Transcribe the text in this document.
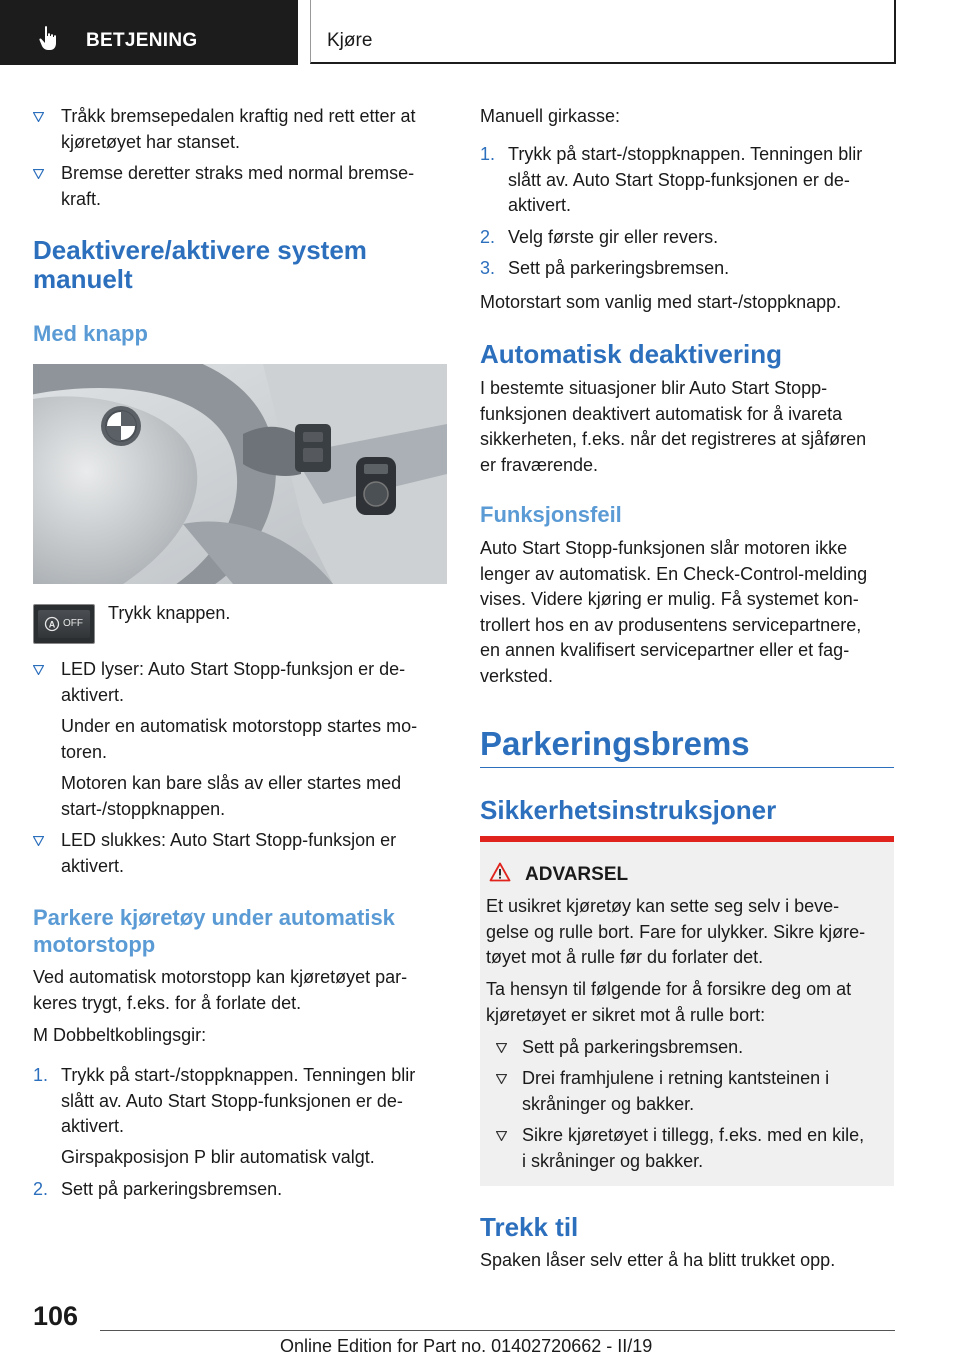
BETJENING	Kjøre
Tråkk bremsepedalen kraftig ned rett etter at
kjøretøyet har stanset.
Bremse deretter straks med normal bremse-
kraft.
Deaktivere/aktivere system
manuelt
Med knapp
A OFF
Trykk knappen.
LED lyser: Auto Start Stopp-funksjon er de-
aktivert.
Under en automatisk motorstopp startes mo-
toren.
Motoren kan bare slås av eller startes med
start-/stoppknappen.
LED slukkes: Auto Start Stopp-funksjon er
aktivert.
Parkere kjøretøy under automatisk
motorstopp
Ved automatisk motorstopp kan kjøretøyet par-
keres trygt, f.eks. for å forlate det.
M Dobbeltkoblingsgir:
1. Trykk på start-/stoppknappen. Tenningen blir
slått av. Auto Start Stopp-funksjonen er de-
aktivert.
Girspakposisjon P blir automatisk valgt.
2. Sett på parkeringsbremsen.
Manuell girkasse:
1. Trykk på start-/stoppknappen. Tenningen blir
slått av. Auto Start Stopp-funksjonen er de-
aktivert.
2. Velg første gir eller revers.
3. Sett på parkeringsbremsen.
Motorstart som vanlig med start-/stoppknapp.
Automatisk deaktivering
I bestemte situasjoner blir Auto Start Stopp-
funksjonen deaktivert automatisk for å ivareta
sikkerheten, f.eks. når det registreres at sjåføren
er fraværende.
Funksjonsfeil
Auto Start Stopp-funksjonen slår motoren ikke
lenger av automatisk. En Check-Control-melding
vises. Videre kjøring er mulig. Få systemet kon-
trollert hos en av produsentens servicepartnere,
en annen kvalifisert servicepartner eller et fag-
verksted.
Parkeringsbrems
Sikkerhetsinstruksjoner
ADVARSEL
Et usikret kjøretøy kan sette seg selv i beve-
gelse og rulle bort. Fare for ulykker. Sikre kjøre-
tøyet mot å rulle før du forlater det.
Ta hensyn til følgende for å forsikre deg om at
kjøretøyet er sikret mot å rulle bort:
Sett på parkeringsbremsen.
Drei framhjulene i retning kantsteinen i
skråninger og bakker.
Sikre kjøretøyet i tillegg, f.eks. med en kile,
i skråninger og bakker.
Trekk til
Spaken låser selv etter å ha blitt trukket opp.
106
Online Edition for Part no. 01402720662 - II/19
